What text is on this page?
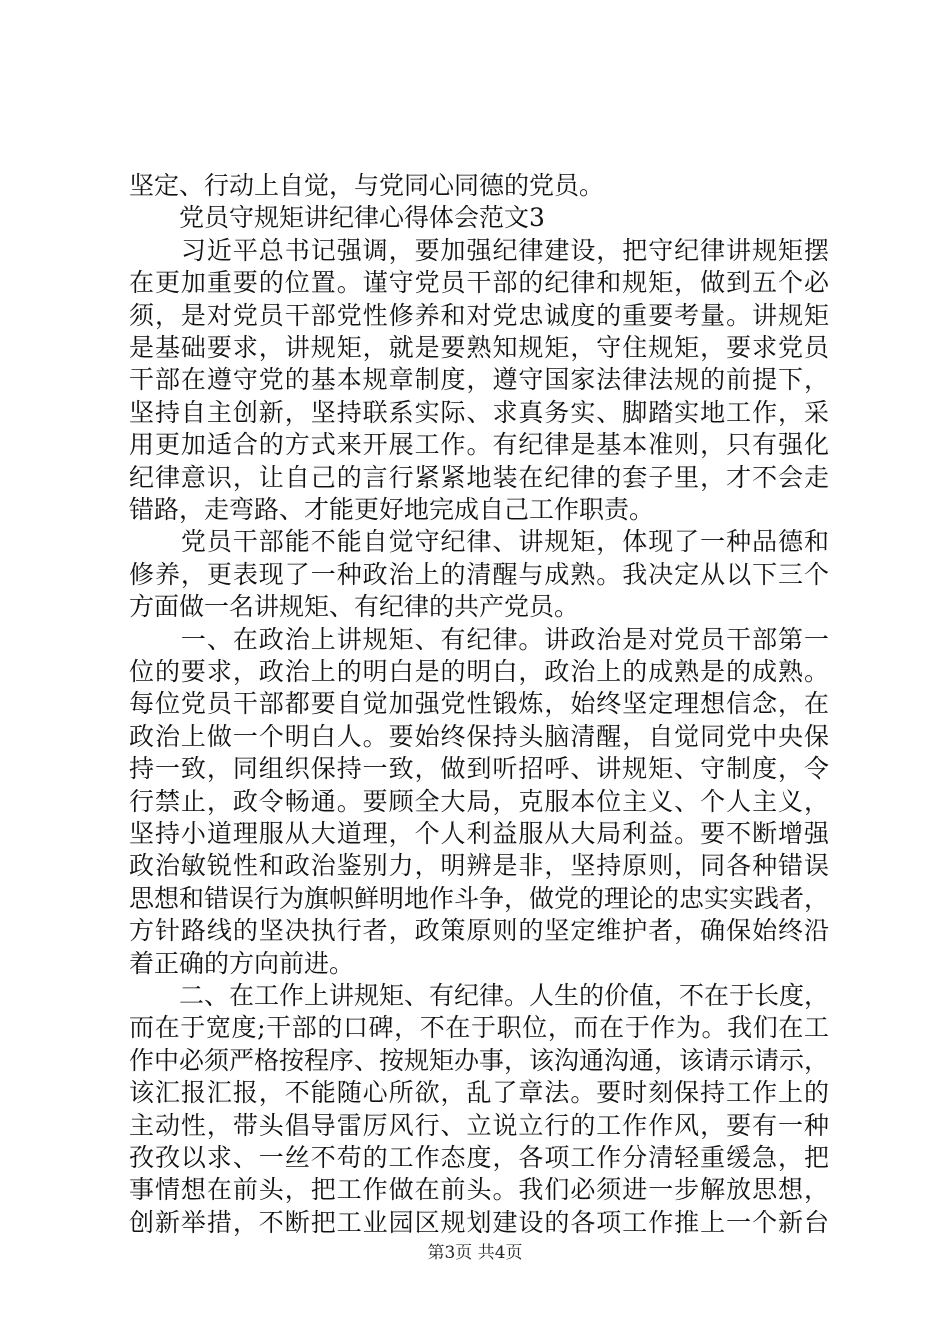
坚定、行动上自觉，与党同心同德的党员。
　　党员守规矩讲纪律心得体会范文3
　　习近平总书记强调，要加强纪律建设，把守纪律讲规矩摆
在更加重要的位置。谨守党员干部的纪律和规矩，做到五个必
须，是对党员干部党性修养和对党忠诚度的重要考量。讲规矩
是基础要求，讲规矩，就是要熟知规矩，守住规矩，要求党员
干部在遵守党的基本规章制度，遵守国家法律法规的前提下，
坚持自主创新，坚持联系实际、求真务实、脚踏实地工作，采
用更加适合的方式来开展工作。有纪律是基本准则，只有强化
纪律意识，让自己的言行紧紧地装在纪律的套子里，才不会走
错路，走弯路、才能更好地完成自己工作职责。
　　党员干部能不能自觉守纪律、讲规矩，体现了一种品德和
修养，更表现了一种政治上的清醒与成熟。我决定从以下三个
方面做一名讲规矩、有纪律的共产党员。
　　一、在政治上讲规矩、有纪律。讲政治是对党员干部第一
位的要求，政治上的明白是的明白，政治上的成熟是的成熟。
每位党员干部都要自觉加强党性锻炼，始终坚定理想信念，在
政治上做一个明白人。要始终保持头脑清醒，自觉同党中央保
持一致，同组织保持一致，做到听招呼、讲规矩、守制度，令
行禁止，政令畅通。要顾全大局，克服本位主义、个人主义，
坚持小道理服从大道理，个人利益服从大局利益。要不断增强
政治敏锐性和政治鉴别力，明辨是非，坚持原则，同各种错误
思想和错误行为旗帜鲜明地作斗争，做党的理论的忠实实践者，
方针路线的坚决执行者，政策原则的坚定维护者，确保始终沿
着正确的方向前进。
　　二、在工作上讲规矩、有纪律。人生的价值，不在于长度，
而在于宽度;干部的口碑，不在于职位，而在于作为。我们在工
作中必须严格按程序、按规矩办事，该沟通沟通，该请示请示，
该汇报汇报，不能随心所欲，乱了章法。要时刻保持工作上的
主动性，带头倡导雷厉风行、立说立行的工作作风，要有一种
孜孜以求、一丝不苟的工作态度，各项工作分清轻重缓急，把
事情想在前头，把工作做在前头。我们必须进一步解放思想，
创新举措，不断把工业园区规划建设的各项工作推上一个新台
第3页 共4页
